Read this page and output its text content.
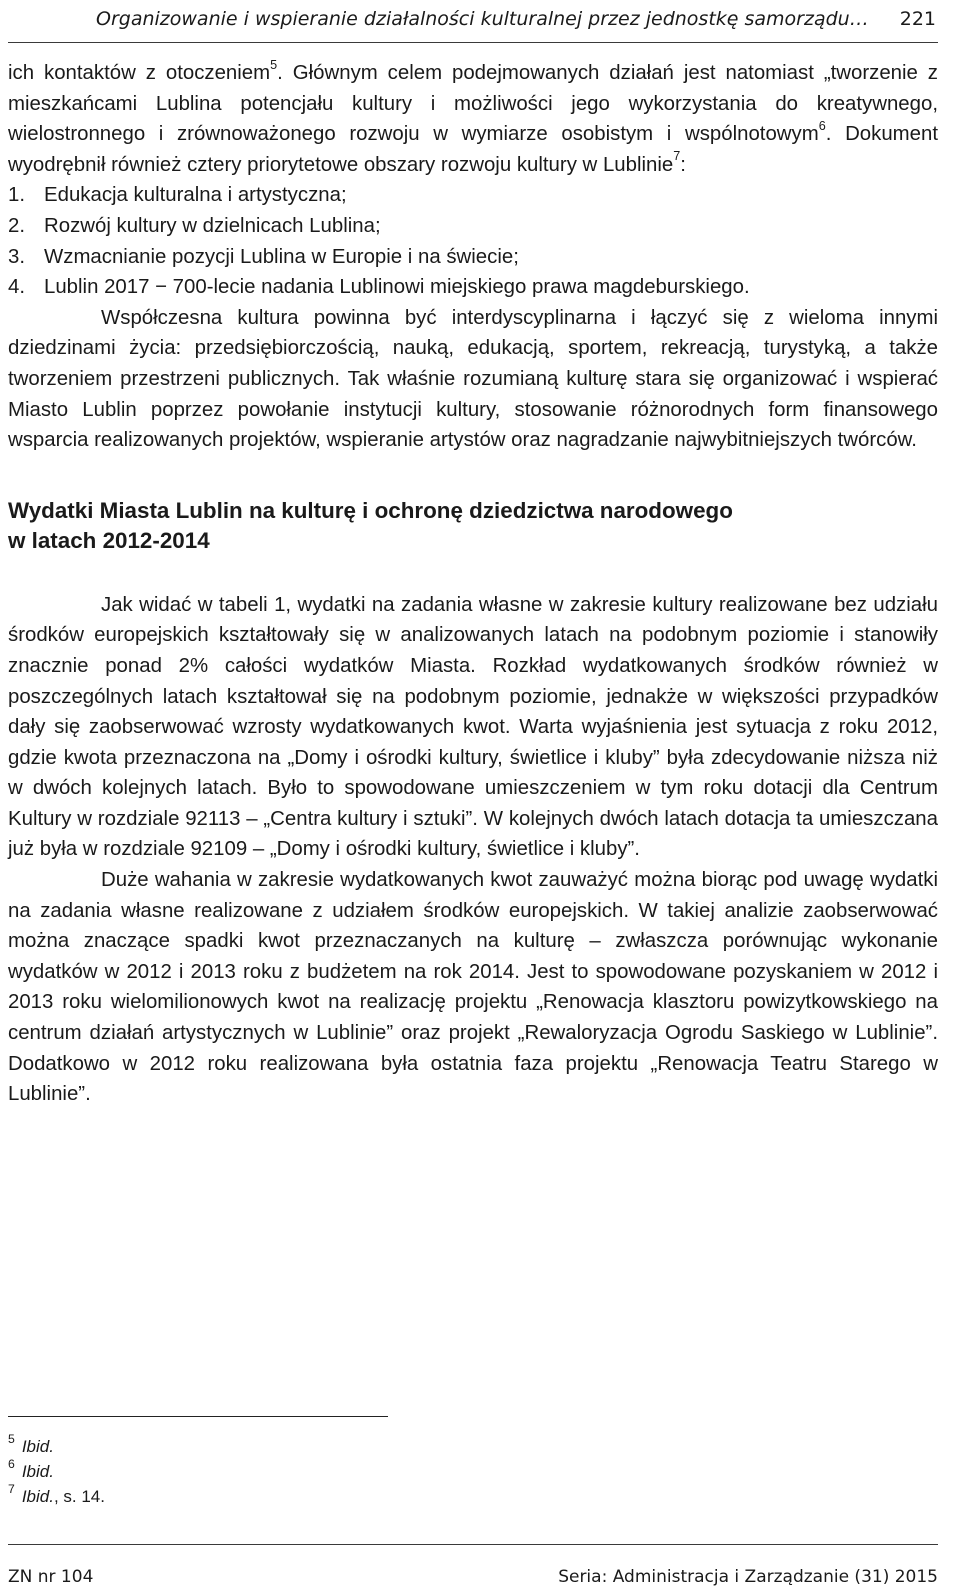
Organizowanie i wspieranie działalności kulturalnej przez jednostkę samorządu… 221

ich kontaktów z otoczeniem$^5$. Głównym celem podejmowanych działań jest natomiast „tworzenie z mieszkańcami Lublina potencjału kultury i możliwości jego wykorzystania do kreatywnego, wielostronnego i zrównoważonego rozwoju w wymiarze osobistym i wspólnotowym$^6$. Dokument wyodrębnił również cztery priorytetowe obszary rozwoju kultury w Lublinie$^7$:

1. Edukacja kulturalna i artystyczna;
2. Rozwój kultury w dzielnicach Lublina;
3. Wzmacnianie pozycji Lublina w Europie i na świecie;
4. Lublin 2017 − 700-lecie nadania Lublinowi miejskiego prawa magdeburskiego.

Współczesna kultura powinna być interdyscyplinarna i łączyć się z wieloma innymi dziedzinami życia: przedsiębiorczością, nauką, edukacją, sportem, rekreacją, turystyką, a także tworzeniem przestrzeni publicznych. Tak właśnie rozumianą kulturę stara się organizować i wspierać Miasto Lublin poprzez powołanie instytucji kultury, stosowanie różnorodnych form finansowego wsparcia realizowanych projektów, wspieranie artystów oraz nagradzanie najwybitniejszych twórców.

Wydatki Miasta Lublin na kulturę i ochronę dziedzictwa narodowego
w latach 2012-2014

Jak widać w tabeli 1, wydatki na zadania własne w zakresie kultury realizowane bez udziału środków europejskich kształtowały się w analizowanych latach na podobnym poziomie i stanowiły znacznie ponad 2% całości wydatków Miasta. Rozkład wydatkowanych środków również w poszczególnych latach kształtował się na podobnym poziomie, jednakże w większości przypadków dały się zaobserwować wzrosty wydatkowanych kwot. Warta wyjaśnienia jest sytuacja z roku 2012, gdzie kwota przeznaczona na „Domy i ośrodki kultury, świetlice i kluby” była zdecydowanie niższa niż w dwóch kolejnych latach. Było to spowodowane umieszczeniem w tym roku dotacji dla Centrum Kultury w rozdziale 92113 – „Centra kultury i sztuki”. W kolejnych dwóch latach dotacja ta umieszczana już była w rozdziale 92109 – „Domy i ośrodki kultury, świetlice i kluby”.

Duże wahania w zakresie wydatkowanych kwot zauważyć można biorąc pod uwagę wydatki na zadania własne realizowane z udziałem środków europejskich. W takiej analizie zaobserwować można znaczące spadki kwot przeznaczanych na kulturę – zwłaszcza porównując wykonanie wydatków w 2012 i 2013 roku z budżetem na rok 2014. Jest to spowodowane pozyskaniem w 2012 i 2013 roku wielomilionowych kwot na realizację projektu „Renowacja klasztoru powizytkowskiego na centrum działań artystycznych w Lublinie” oraz projekt „Rewaloryzacja Ogrodu Saskiego w Lublinie”. Dodatkowo w 2012 roku realizowana była ostatnia faza projektu „Renowacja Teatru Starego w Lublinie”.

$^5$ Ibid.
$^6$ Ibid.
$^7$ Ibid., s. 14.
ZN nr 104	Seria: Administracja i Zarządzanie (31) 2015
